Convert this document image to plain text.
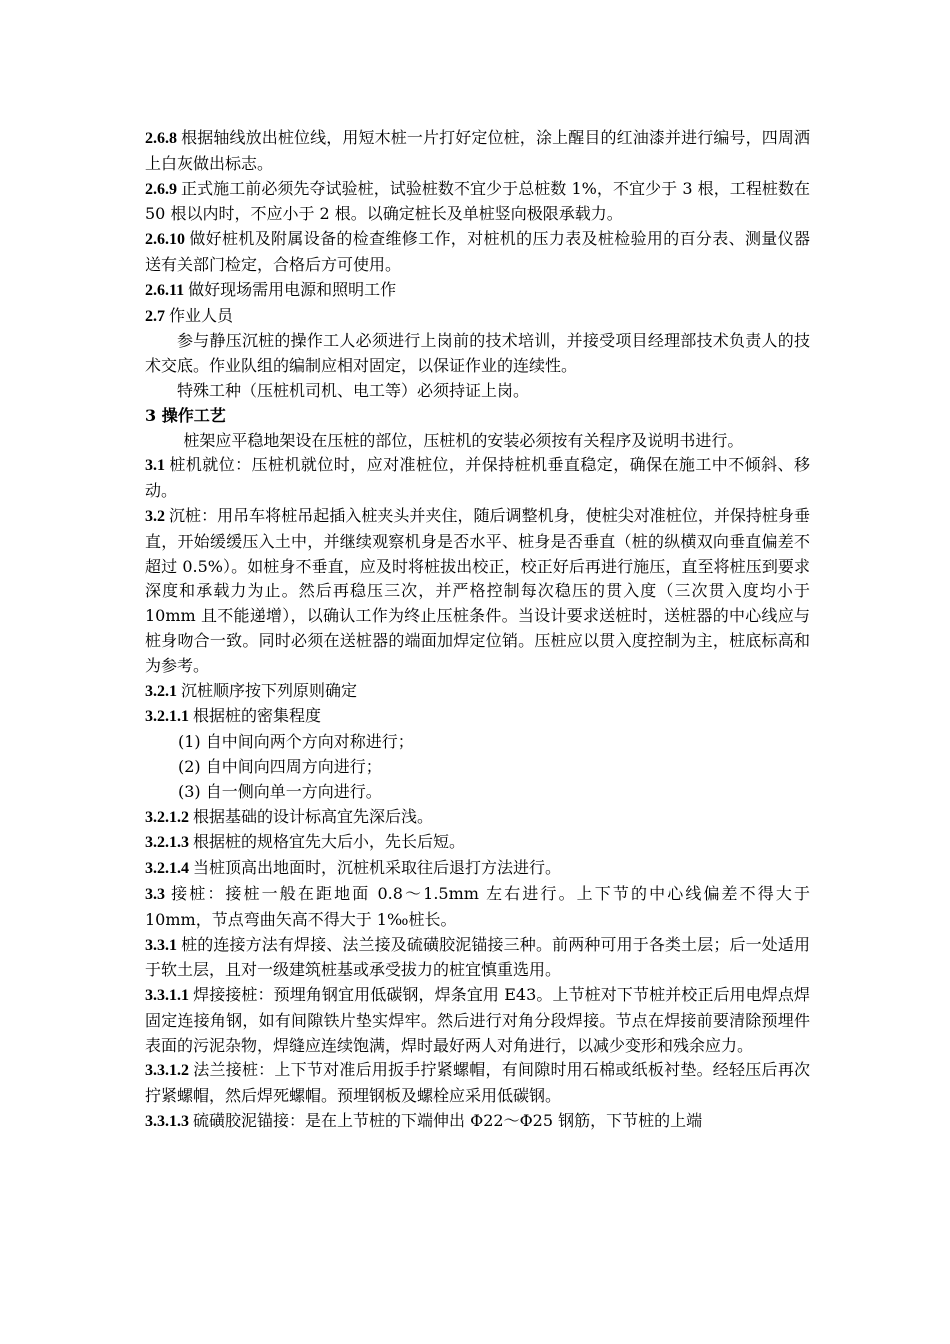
2.6.8 根据轴线放出桩位线，用短木桩一片打好定位桩，涂上醒目的红油漆并进行编号，四周洒上白灰做出标志。

2.6.9 正式施工前必须先夺试验桩，试验桩数不宜少于总桩数 1%，不宜少于 3 根，工程桩数在 50 根以内时，不应小于 2 根。以确定桩长及单桩竖向极限承载力。

2.6.10 做好桩机及附属设备的检查维修工作，对桩机的压力表及桩检验用的百分表、测量仪器送有关部门检定，合格后方可使用。

2.6.11 做好现场需用电源和照明工作

2.7 作业人员

参与静压沉桩的操作工人必须进行上岗前的技术培训，并接受项目经理部技术负责人的技术交底。作业队组的编制应相对固定，以保证作业的连续性。

特殊工种（压桩机司机、电工等）必须持证上岗。

3 操作工艺

桩架应平稳地架设在压桩的部位，压桩机的安装必须按有关程序及说明书进行。

3.1 桩机就位：压桩机就位时，应对准桩位，并保持桩机垂直稳定，确保在施工中不倾斜、移动。

3.2 沉桩：用吊车将桩吊起插入桩夹头并夹住，随后调整机身，使桩尖对准桩位，并保持桩身垂直，开始缓缓压入土中，并继续观察机身是否水平、桩身是否垂直（桩的纵横双向垂直偏差不超过 0.5%）。如桩身不垂直，应及时将桩拔出校正，校正好后再进行施压，直至将桩压到要求深度和承载力为止。然后再稳压三次，并严格控制每次稳压的贯入度（三次贯入度均小于 10mm 且不能递增），以确认工作为终止压桩条件。当设计要求送桩时，送桩器的中心线应与桩身吻合一致。同时必须在送桩器的端面加焊定位销。压桩应以贯入度控制为主，桩底标高和为参考。

3.2.1 沉桩顺序按下列原则确定

3.2.1.1 根据桩的密集程度

(1) 自中间向两个方向对称进行；

(2) 自中间向四周方向进行；

(3) 自一侧向单一方向进行。

3.2.1.2 根据基础的设计标高宜先深后浅。

3.2.1.3 根据桩的规格宜先大后小，先长后短。

3.2.1.4 当桩顶高出地面时，沉桩机采取往后退打方法进行。

3.3 接桩：接桩一般在距地面 0.8～1.5mm 左右进行。上下节的中心线偏差不得大于 10mm，节点弯曲矢高不得大于 1‰桩长。

3.3.1 桩的连接方法有焊接、法兰接及硫磺胶泥锚接三种。前两种可用于各类土层；后一处适用于软土层，且对一级建筑桩基或承受拔力的桩宜慎重选用。

3.3.1.1 焊接接桩：预埋角钢宜用低碳钢，焊条宜用 E43。上节桩对下节桩并校正后用电焊点焊固定连接角钢，如有间隙铁片垫实焊牢。然后进行对角分段焊接。节点在焊接前要清除预埋件表面的污泥杂物，焊缝应连续饱满，焊时最好两人对角进行，以减少变形和残余应力。

3.3.1.2 法兰接桩：上下节对准后用扳手拧紧螺帽，有间隙时用石棉或纸板衬垫。经轻压后再次拧紧螺帽，然后焊死螺帽。预埋钢板及螺栓应采用低碳钢。

3.3.1.3 硫磺胶泥锚接：是在上节桩的下端伸出 Φ22～Φ25 钢筋，下节桩的上端
